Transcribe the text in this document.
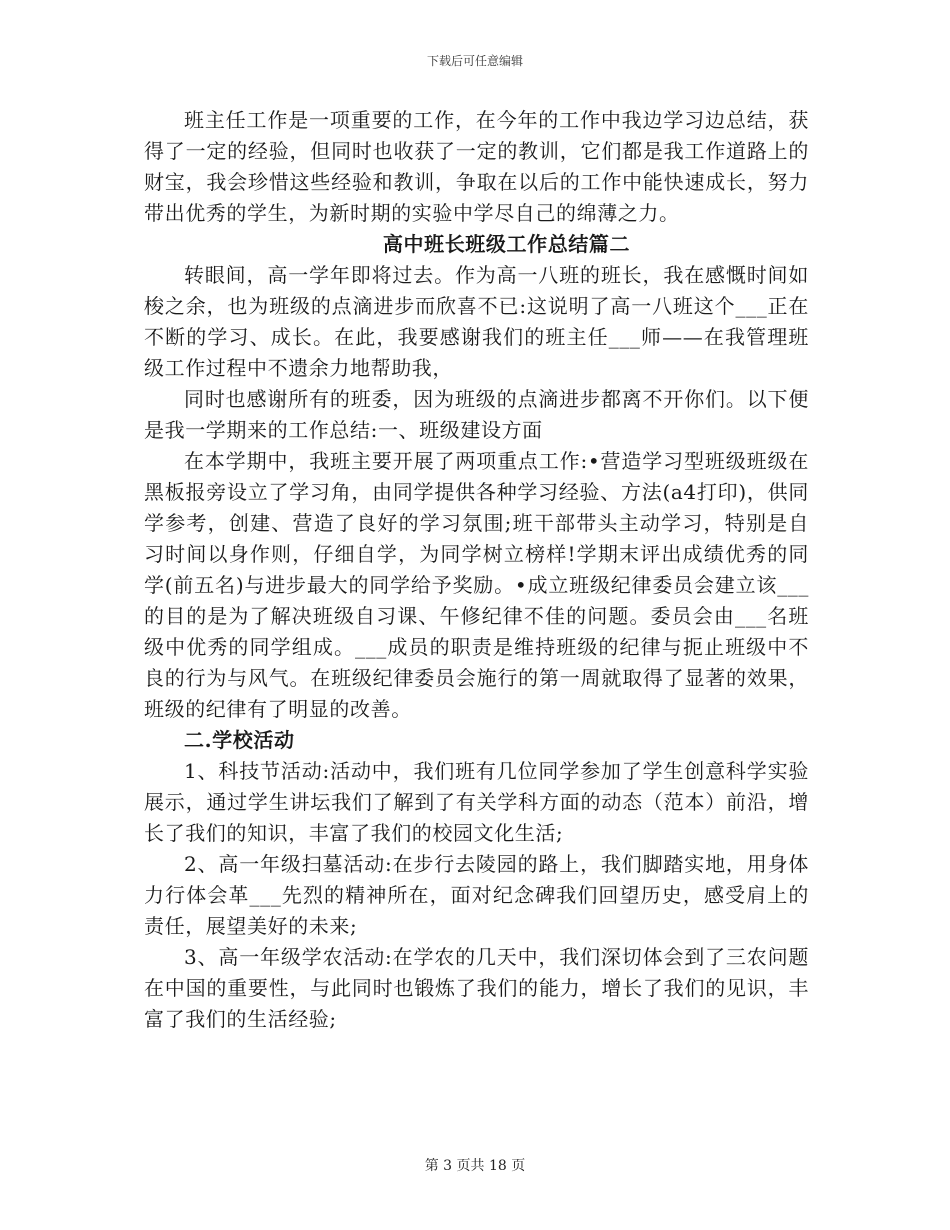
下载后可任意编辑

班主任工作是一项重要的工作，在今年的工作中我边学习边总结，获得了一定的经验，但同时也收获了一定的教训，它们都是我工作道路上的财宝，我会珍惜这些经验和教训，争取在以后的工作中能快速成长，努力带出优秀的学生，为新时期的实验中学尽自己的绵薄之力。

高中班长班级工作总结篇二

转眼间，高一学年即将过去。作为高一八班的班长，我在感慨时间如梭之余，也为班级的点滴进步而欣喜不已:这说明了高一八班这个___正在不断的学习、成长。在此，我要感谢我们的班主任___师——在我管理班级工作过程中不遗余力地帮助我，

同时也感谢所有的班委，因为班级的点滴进步都离不开你们。以下便是我一学期来的工作总结:一、班级建设方面

在本学期中，我班主要开展了两项重点工作:•营造学习型班级班级在黑板报旁设立了学习角，由同学提供各种学习经验、方法(a4打印)，供同学参考，创建、营造了良好的学习氛围;班干部带头主动学习，特别是自习时间以身作则，仔细自学，为同学树立榜样!学期末评出成绩优秀的同学(前五名)与进步最大的同学给予奖励。•成立班级纪律委员会建立该___的目的是为了解决班级自习课、午修纪律不佳的问题。委员会由___名班级中优秀的同学组成。___成员的职责是维持班级的纪律与扼止班级中不良的行为与风气。在班级纪律委员会施行的第一周就取得了显著的效果，班级的纪律有了明显的改善。

二.学校活动

1、科技节活动:活动中，我们班有几位同学参加了学生创意科学实验展示，通过学生讲坛我们了解到了有关学科方面的动态（范本）前沿，增长了我们的知识，丰富了我们的校园文化生活;

2、高一年级扫墓活动:在步行去陵园的路上，我们脚踏实地，用身体力行体会革___先烈的精神所在，面对纪念碑我们回望历史，感受肩上的责任，展望美好的未来;

3、高一年级学农活动:在学农的几天中，我们深切体会到了三农问题在中国的重要性，与此同时也锻炼了我们的能力，增长了我们的见识，丰富了我们的生活经验;

第 3 页共 18 页
